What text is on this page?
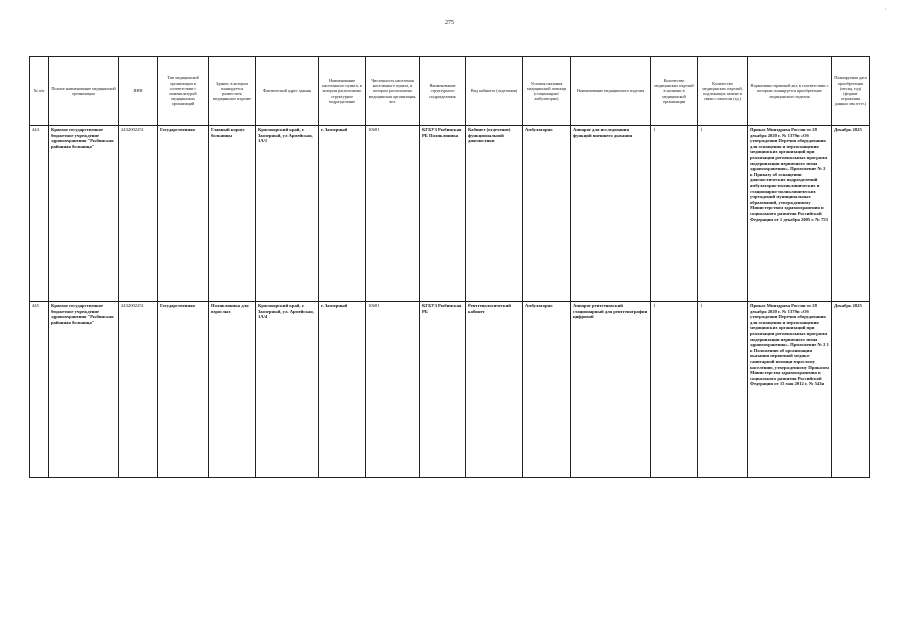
275
,
№ п/п	Полное наименование медицинской организации	ИНН	Тип медицинской организации в соответствии с номенклатурой медицинских организаций	Здание, в котором планируется разместить медицинское изделие	Фактический адрес здания	Наименование населенного пункта, в котором расположено структурное подразделение	Численность населения населенного пункта, в котором расположена медицинская организация, чел.	Наименование структурного подразделения	Вид кабинета (отделения)	Условия оказания медицинской помощи (стационарно/амбулаторно)	Наименование медицинского изделия	Количество медицинских изделий в наличии в медицинской организации	Количество медицинских изделий, подлежащих замене в связи с износом (ед.)	Нормативно-правовой акт, в соответствии с которым планируется приобретение медицинского изделия	Планируемая дата приобретения (месяц, год) (формат отражения данных мм.ггггг.)
444	Краевое государственное бюджетное учреждение здравоохранения "Рыбинская районная больница"	2432002251	Государственная	Главный корпус больницы	Красноярский край, г. Заозерный, ул Армейская, 1А/1	г. Заозерный	10681	КГБУЗ Рыбинская РБ Поликлиника	Кабинет (отделение) функциональной диагностики	Амбулаторно	Аппарат для исследования функций внешнего дыхания	1	1	Приказ Минздрава России от 28 декабря 2020 г. № 1379н «Об утверждении Перечня оборудования для оснащения и переоснащения медицинских организаций при реализации региональных программ модернизации первичного звена здравоохранения». Приложение № 2 к Приказу об оснащении диагностических подразделений амбулаторно-поликлинических и стационарно-поликлинических учреждений муниципальных образований, утвержденному Министерством здравоохранения и социального развития Российской Федерации от 1 декабря 2005 г. № 753	Декабрь 2025
445	Краевое государственное бюджетное учреждение здравоохранения "Рыбинская районная больница"	2432002251	Государственная	Поликлиника для взрослых	Красноярский край, г. Заозерный, ул. Армейская, 1А/4	г. Заозерный	10681	КГБУЗ Рыбинская РБ	Рентгенологический кабинет	Амбулаторно	Аппарат рентгеновский стационарный для рентгенографии цифровой	1	1	Приказ Минздрава России от 28 декабря 2020 г. № 1379н «Об утверждении Перечня оборудования для оснащения и переоснащения медицинских организаций при реализации региональных программ модернизации первичного звена здравоохранения». Приложение № 2 1 к Положению об организации оказания первичной медико-санитарной помощи взрослому населению, утвержденному Приказом Министерства здравоохранения и социального развития Российской Федерации от 15 мая 2012 г. № 543н	Декабрь 2025
